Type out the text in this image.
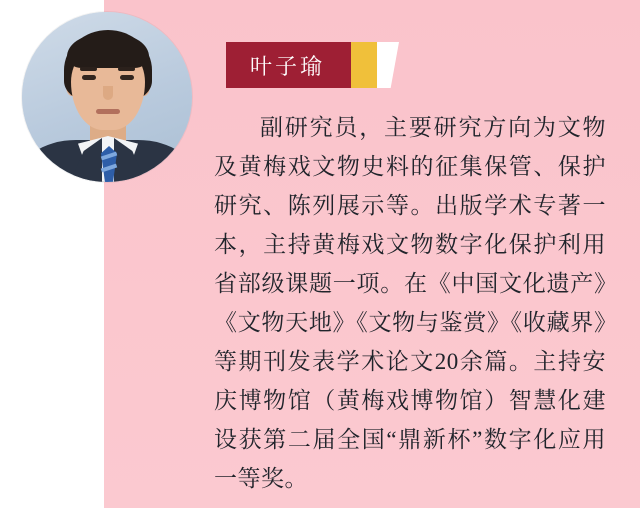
叶子瑜

副研究员，主要研究方向为文物及黄梅戏文物史料的征集保管、保护研究、陈列展示等。出版学术专著一本，主持黄梅戏文物数字化保护利用省部级课题一项。在《中国文化遗产》《文物天地》《文物与鉴赏》《收藏界》等期刊发表学术论文20余篇。主持安庆博物馆（黄梅戏博物馆）智慧化建设获第二届全国“鼎新杯”数字化应用一等奖。
